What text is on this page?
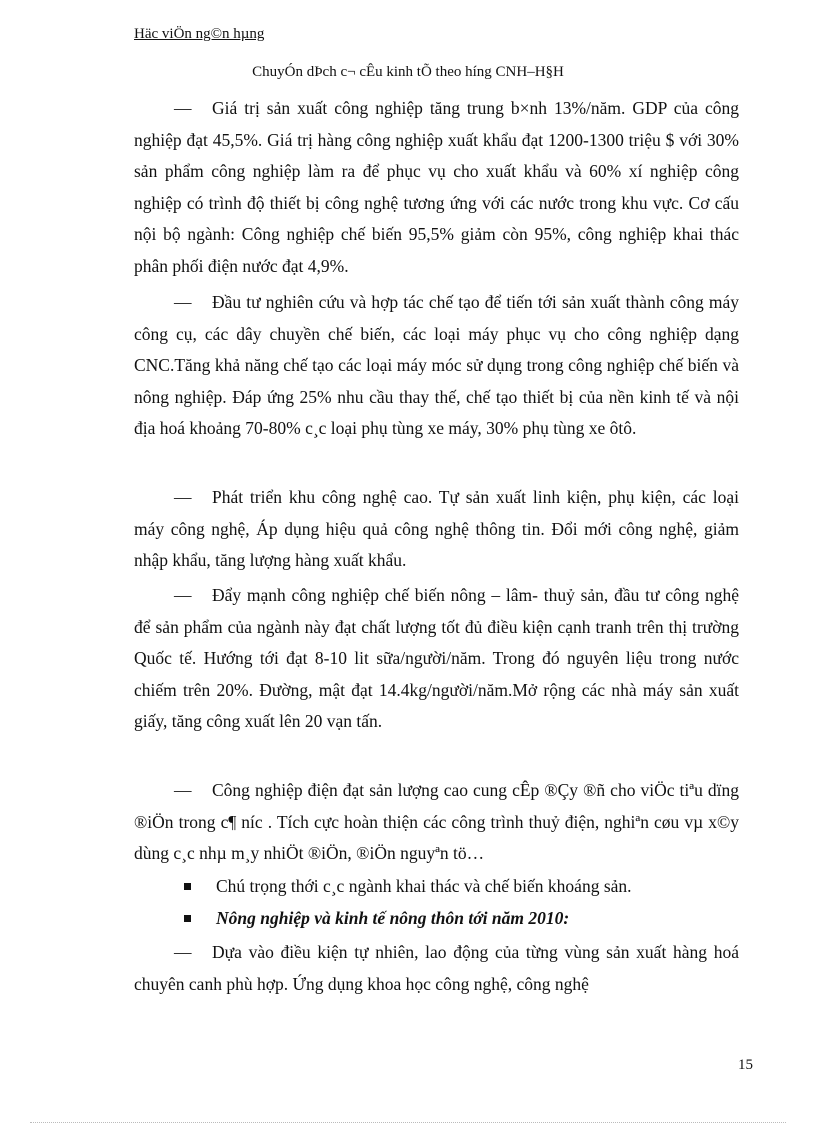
Häc viÖn ng©n hµng
ChuyÓn dÞch c¬ cÊu kinh tÕ theo híng CNH–H§H

— Giá trị sản xuất công nghiệp tăng trung b×nh 13%/năm. GDP của công nghiệp đạt 45,5%. Giá trị hàng công nghiệp xuất khẩu đạt 1200-1300 triệu $ với 30% sản phẩm công nghiệp làm ra để phục vụ cho xuất khẩu và 60% xí nghiệp công nghiệp có trình độ thiết bị công nghệ tương ứng với các nước trong khu vực. Cơ cấu nội bộ ngành: Công nghiệp chế biến 95,5% giảm còn 95%, công nghiệp khai thác phân phối điện nước đạt 4,9%.

— Đầu tư nghiên cứu và hợp tác chế tạo để tiến tới sản xuất thành công máy công cụ, các dây chuyền chế biến, các loại máy phục vụ cho công nghiệp dạng CNC.Tăng khả năng chế tạo các loại máy móc sử dụng trong công nghiệp chế biến và nông nghiệp. Đáp ứng 25% nhu cầu thay thế, chế tạo thiết bị của nền kinh tế và nội địa hoá khoảng 70-80% c¸c loại phụ tùng xe máy, 30% phụ tùng xe ôtô.

— Phát triển khu công nghệ cao. Tự sản xuất linh kiện, phụ kiện, các loại máy công nghệ, Áp dụng hiệu quả công nghệ thông tin. Đổi mới công nghệ, giảm nhập khẩu, tăng lượng hàng xuất khẩu.

— Đẩy mạnh công nghiệp chế biến nông – lâm- thuỷ sản, đầu tư công nghệ để sản phẩm của ngành này đạt chất lượng tốt đủ điều kiện cạnh tranh trên thị trường Quốc tế. Hướng tới đạt 8-10 lit sữa/người/năm. Trong đó nguyên liệu trong nước chiếm trên 20%. Đường, mật đạt 14.4kg/người/năm.Mở rộng các nhà máy sản xuất giấy, tăng công xuất lên 20 vạn tấn.

— Công nghiệp điện đạt sản lượng cao cung cÊp ®Çy ®ñ cho viÖc tiªu dïng ®iÖn trong c¶ níc . Tích cực hoàn thiện các công trình thuỷ điện, nghiªn cøu vµ x©y dùng c¸c nhµ m¸y nhiÖt ®iÖn, ®iÖn nguyªn tö…

Chú trọng thới c¸c ngành khai thác và chế biến khoáng sản.
Nông nghiệp và kinh tế nông thôn tới năm 2010:

— Dựa vào điều kiện tự nhiên, lao động của từng vùng sản xuất hàng hoá chuyên canh phù hợp. Ứng dụng khoa học công nghệ, công nghệ

15
